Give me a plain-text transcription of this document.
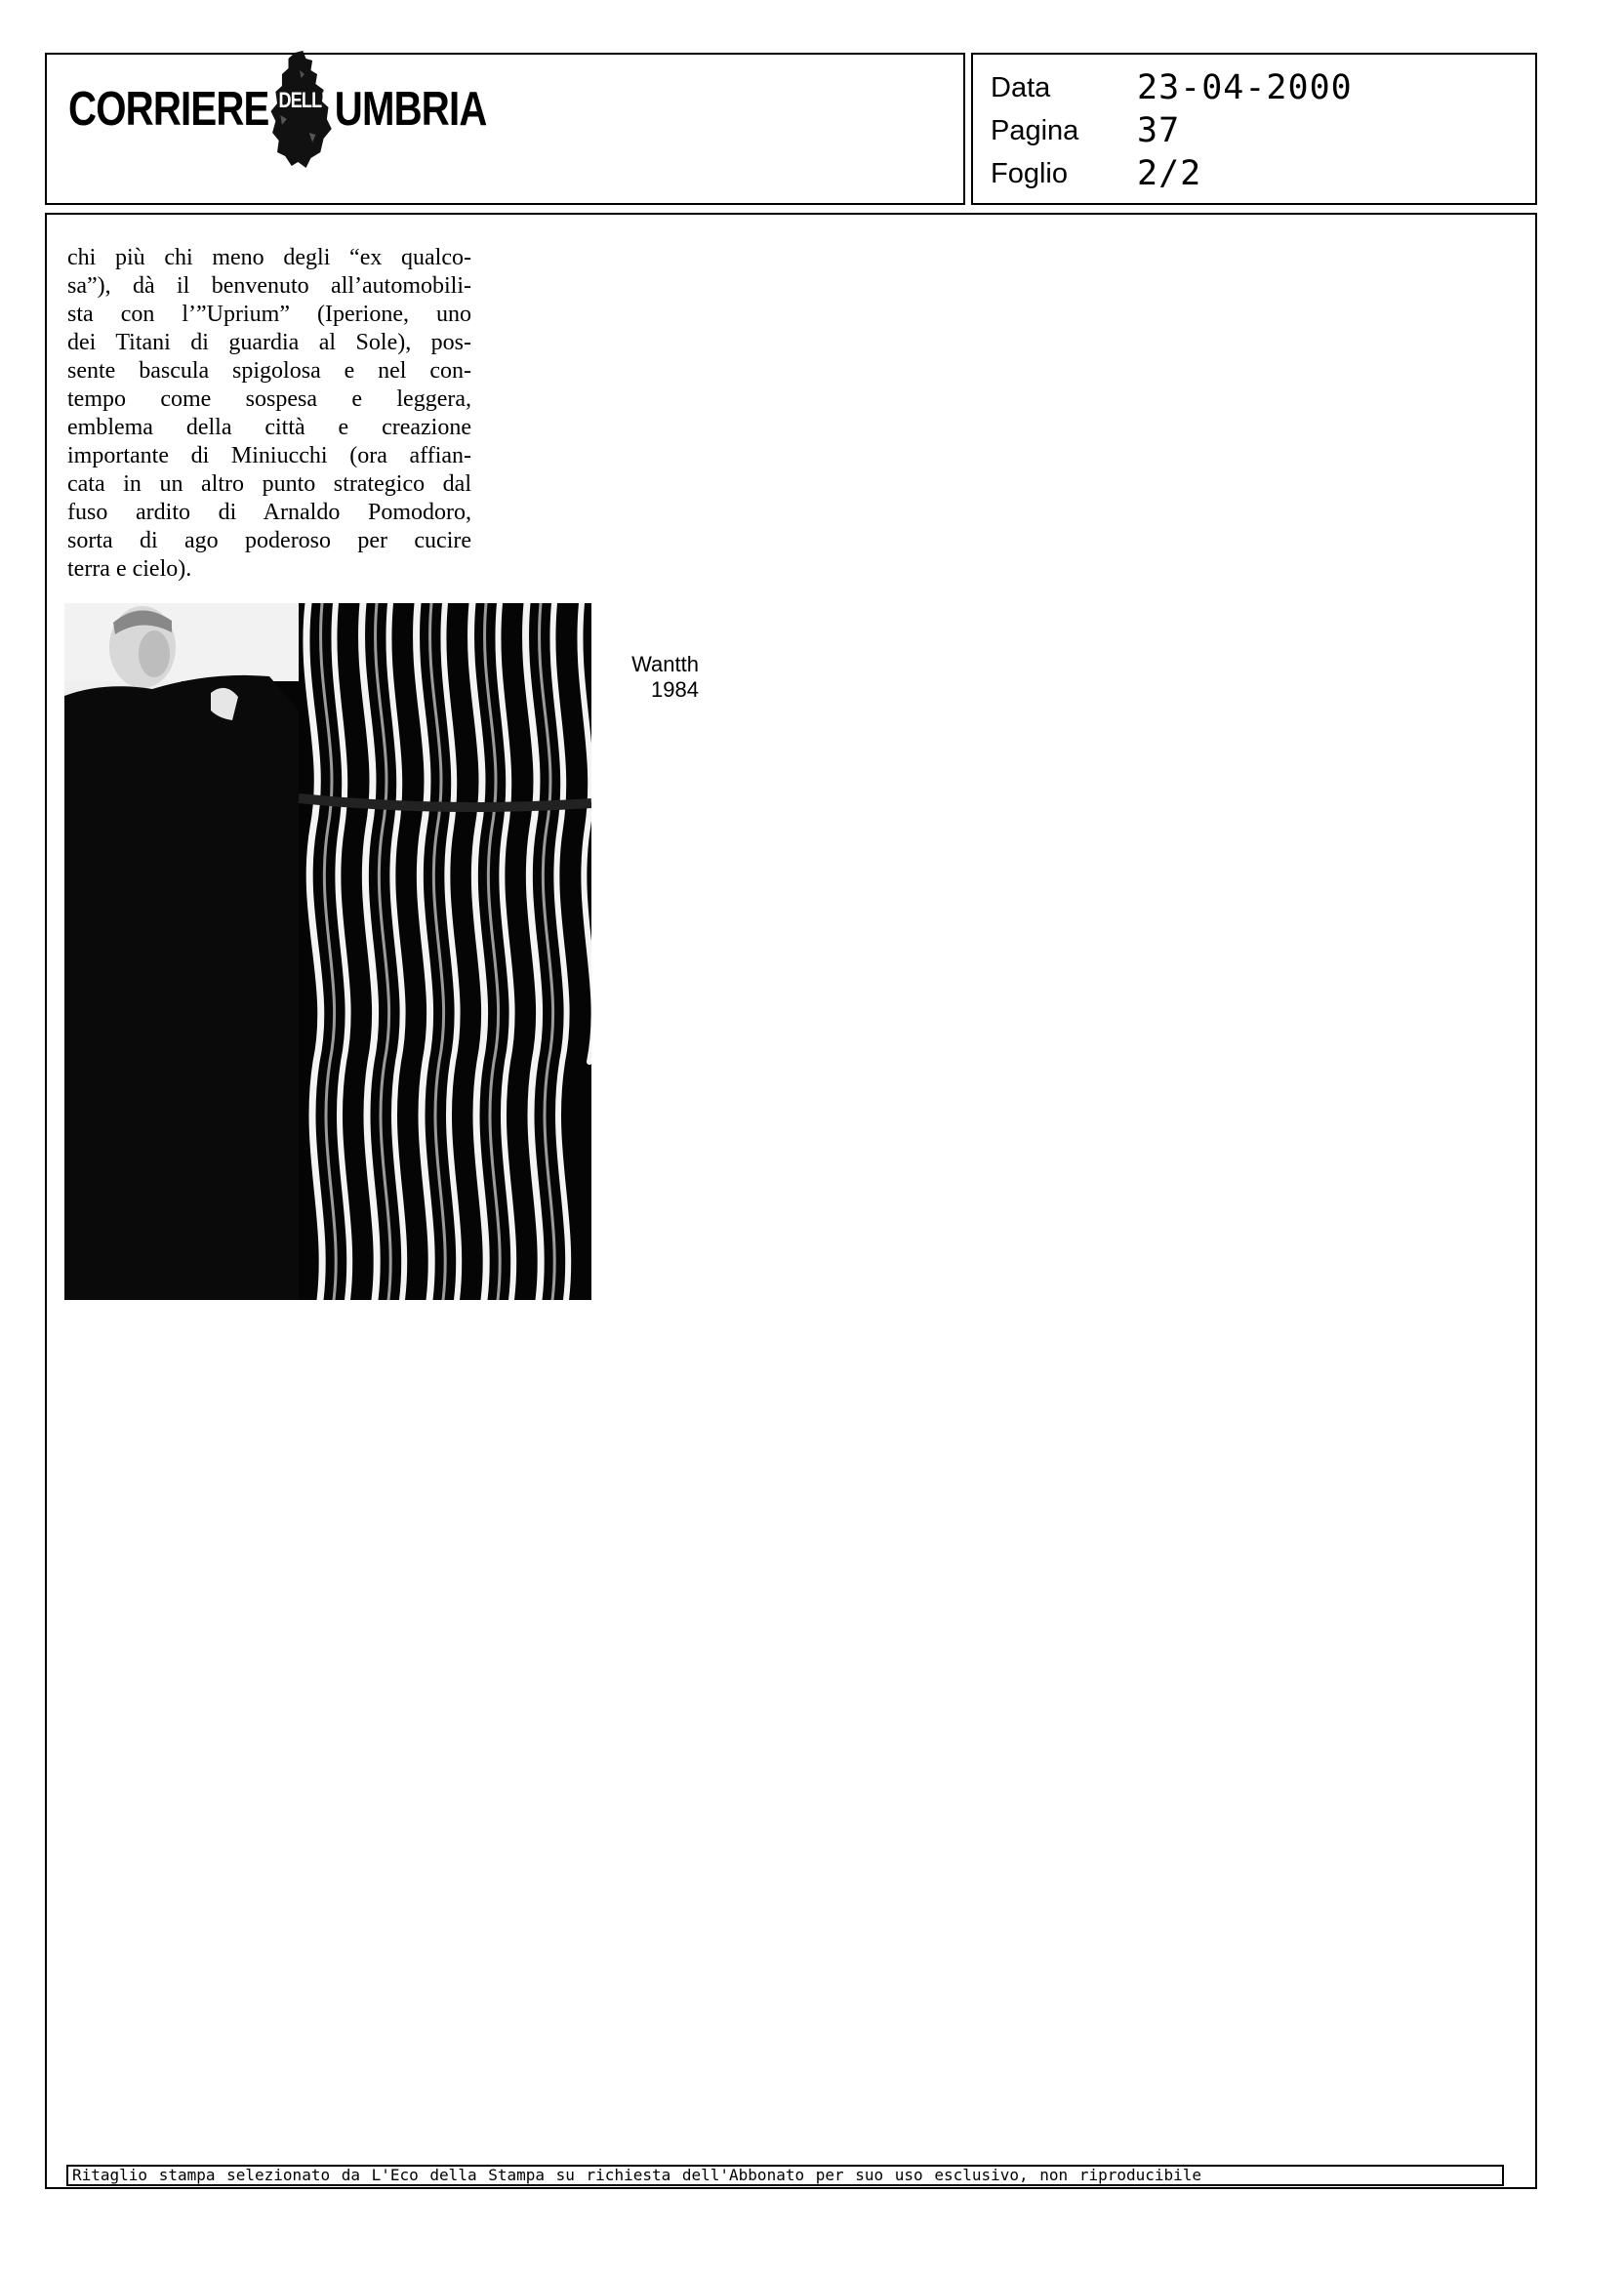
CORRIERE DELL' UMBRIA	Data	23-04-2000
Pagina	37
Foglio	2/2
chi più chi meno degli “ex qualco-
sa”), dà il benvenuto all’automobili-
sta con l’”Uprium” (Iperione, uno
dei Titani di guardia al Sole), pos-
sente bascula spigolosa e nel con-
tempo come sospesa e leggera,
emblema della città e creazione
importante di Miniucchi (ora affian-
cata in un altro punto strategico dal
fuso ardito di Arnaldo Pomodoro,
sorta di ago poderoso per cucire
terra e cielo).
Wantth
1984
Ritaglio stampa selezionato da L'Eco della Stampa su richiesta dell'Abbonato per suo uso esclusivo, non riproducibile
